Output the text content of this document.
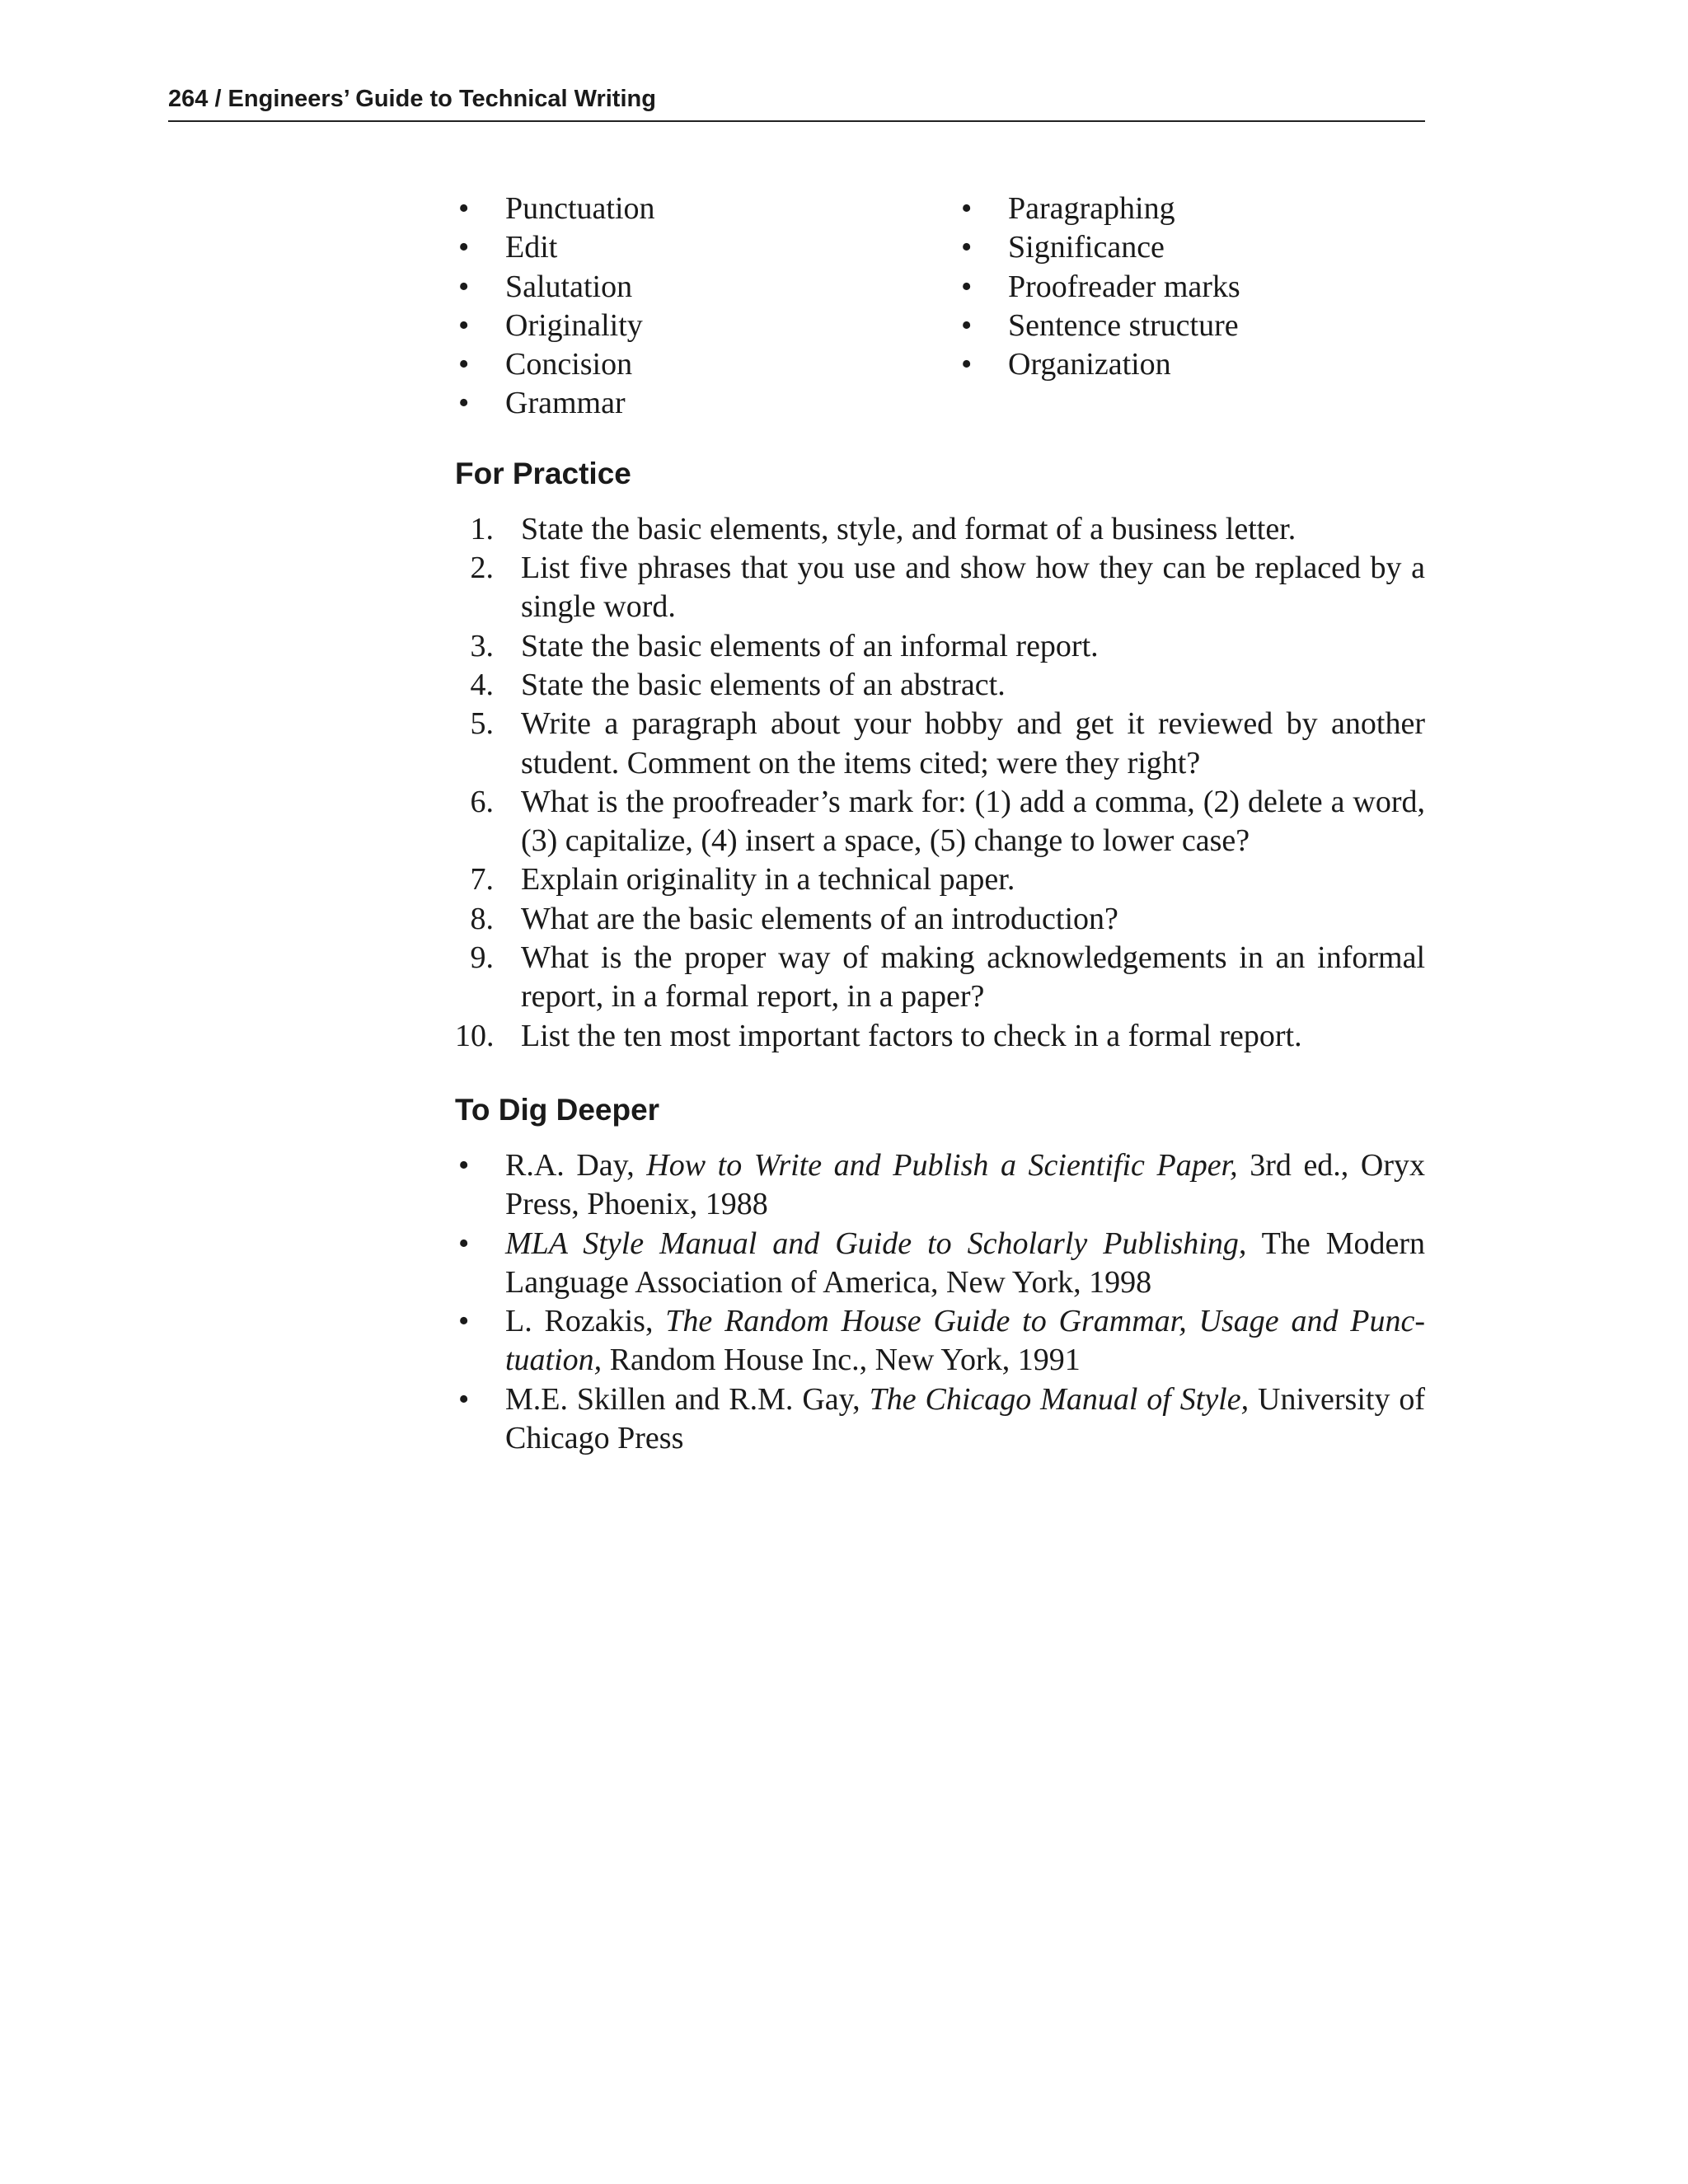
264 / Engineers’ Guide to Technical Writing
•	Punctuation
•	Edit
•	Salutation
•	Originality
•	Concision
•	Grammar
•	Paragraphing
•	Significance
•	Proofreader marks
•	Sentence structure
•	Organization
For Practice
1. State the basic elements, style, and format of a business letter.
2. List five phrases that you use and show how they can be replaced by a single word.
3. State the basic elements of an informal report.
4. State the basic elements of an abstract.
5. Write a paragraph about your hobby and get it reviewed by another student. Comment on the items cited; were they right?
6. What is the proofreader’s mark for: (1) add a comma, (2) delete a word, (3) capitalize, (4) insert a space, (5) change to lower case?
7. Explain originality in a technical paper.
8. What are the basic elements of an introduction?
9. What is the proper way of making acknowledgements in an informal report, in a formal report, in a paper?
10. List the ten most important factors to check in a formal report.
To Dig Deeper
•	R.A. Day, How to Write and Publish a Scientific Paper, 3rd ed., Oryx Press, Phoenix, 1988
•	MLA Style Manual and Guide to Scholarly Publishing, The Modern Language Association of America, New York, 1998
•	L. Rozakis, The Random House Guide to Grammar, Usage and Punctuation, Random House Inc., New York, 1991
•	M.E. Skillen and R.M. Gay, The Chicago Manual of Style, University of Chicago Press
